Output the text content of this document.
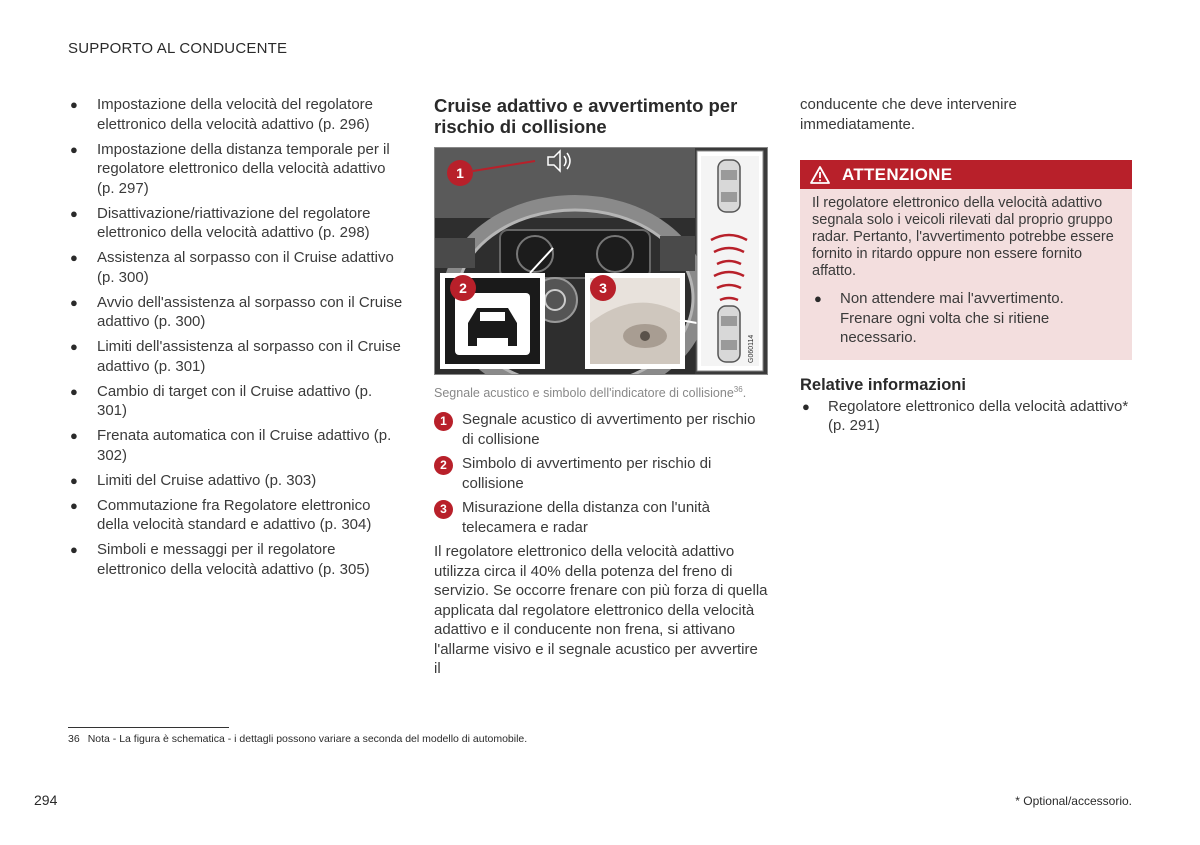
SUPPORTO AL CONDUCENTE
● Impostazione della velocità del regolatore elettronico della velocità adattivo (p. 296)
● Impostazione della distanza temporale per il regolatore elettronico della velocità adattivo (p. 297)
● Disattivazione/riattivazione del regolatore elettronico della velocità adattivo (p. 298)
● Assistenza al sorpasso con il Cruise adattivo (p. 300)
● Avvio dell'assistenza al sorpasso con il Cruise adattivo (p. 300)
● Limiti dell'assistenza al sorpasso con il Cruise adattivo (p. 301)
● Cambio di target con il Cruise adattivo (p. 301)
● Frenata automatica con il Cruise adattivo (p. 302)
● Limiti del Cruise adattivo (p. 303)
● Commutazione fra Regolatore elettronico della velocità standard e adattivo (p. 304)
● Simboli e messaggi per il regolatore elettronico della velocità adattivo (p. 305)
Cruise adattivo e avvertimento per rischio di collisione
1
2	3
G060114
Segnale acustico e simbolo dell'indicatore di collisione$^{36}$.
1	Segnale acustico di avvertimento per rischio di collisione
2	Simbolo di avvertimento per rischio di collisione
3	Misurazione della distanza con l'unità telecamera e radar

Il regolatore elettronico della velocità adattivo utilizza circa il 40% della potenza del freno di servizio. Se occorre frenare con più forza di quella applicata dal regolatore elettronico della velocità adattivo e il conducente non frena, si attivano l'allarme visivo e il segnale acustico per avvertire il

conducente che deve intervenire immediatamente.

ATTENZIONE

Il regolatore elettronico della velocità adattivo segnala solo i veicoli rilevati dal proprio gruppo radar. Pertanto, l'avvertimento potrebbe essere fornito in ritardo oppure non essere fornito affatto.

● Non attendere mai l'avvertimento. Frenare ogni volta che si ritiene necessario.
Relative informazioni
● Regolatore elettronico della velocità adattivo* (p. 291)
36 Nota - La figura è schematica - i dettagli possono variare a seconda del modello di automobile.
294	* Optional/accessorio.
